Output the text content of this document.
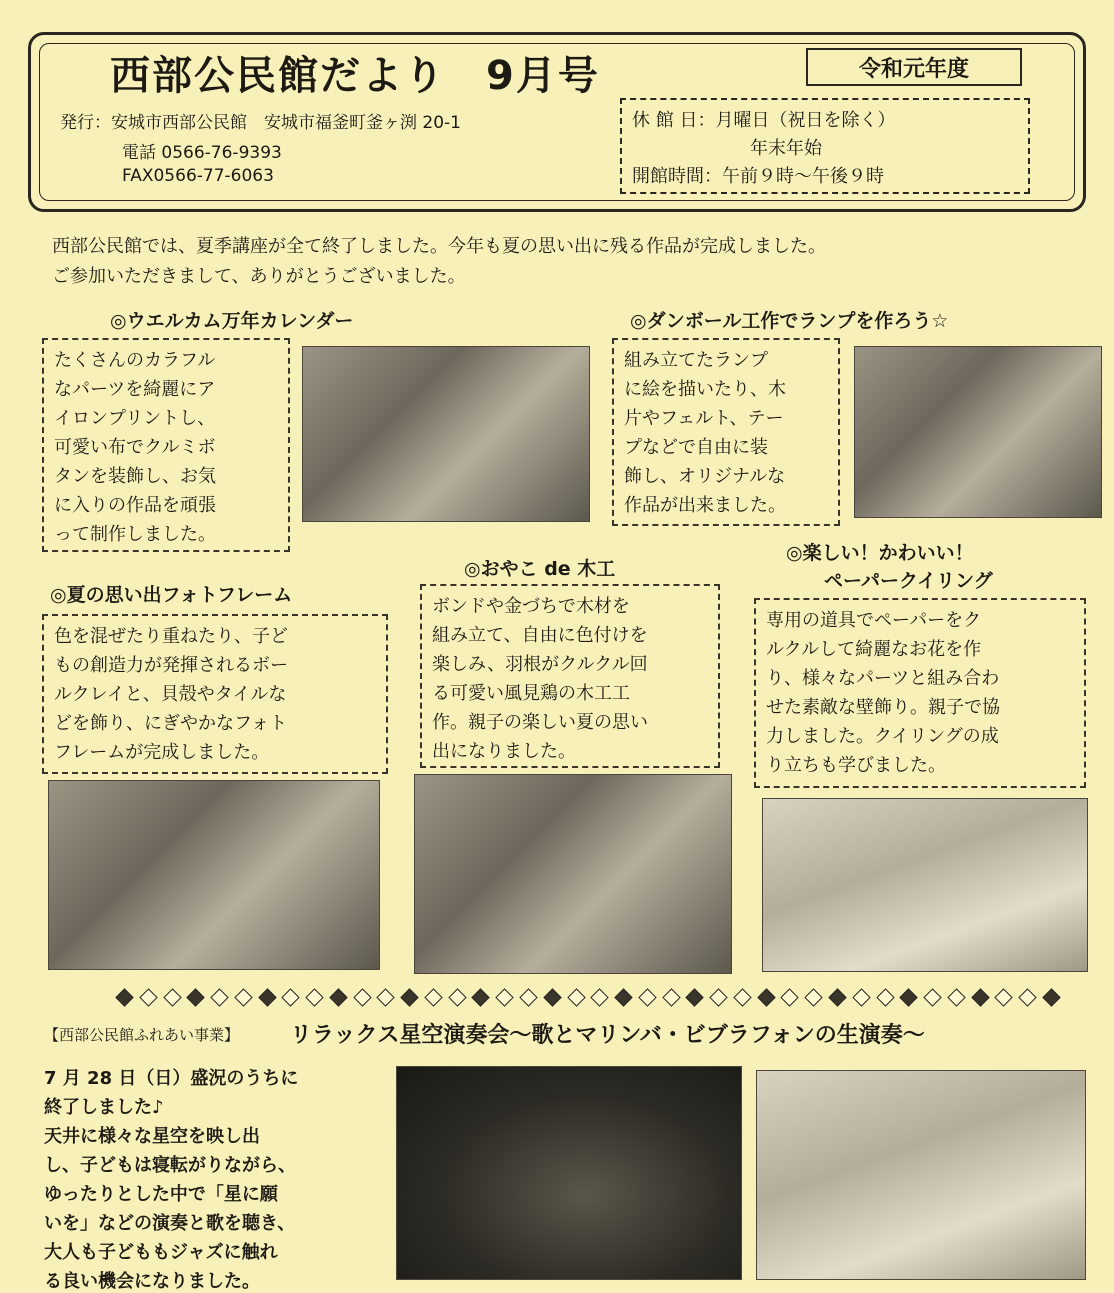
西部公民館だより 9月号	令和元年度
発行：安城市西部公民館　安城市福釜町釜ヶ渕 20-1
電話 0566-76-9393
FAX0566-77-6063
休 館 日：月曜日（祝日を除く）
年末年始
開館時間：午前９時～午後９時
西部公民館では、夏季講座が全て終了しました。今年も夏の思い出に残る作品が完成しました。
ご参加いただきまして、ありがとうございました。
◎ウエルカム万年カレンダー

たくさんのカラフル

なパーツを綺麗にア

イロンプリントし、

可愛い布でクルミボ

タンを装飾し、お気

に入りの作品を頑張

って制作しました。

◎ダンボール工作でランプを作ろう☆

組み立てたランプ

に絵を描いたり、木

片やフェルト、テー

プなどで自由に装

飾し、オリジナルな

作品が出来ました。

◎おやこ de 木工

ボンドや金づちで木材を

組み立て、自由に色付けを

楽しみ、羽根がクルクル回

る可愛い風見鶏の木工工

作。親子の楽しい夏の思い

出になりました。

◎楽しい！かわいい！
ペーパークイリング

専用の道具でペーパーをク

ルクルして綺麗なお花を作

り、様々なパーツと組み合わ

せた素敵な壁飾り。親子で協

力しました。クイリングの成

り立ちも学びました。

◎夏の思い出フォトフレーム

色を混ぜたり重ねたり、子ど

もの創造力が発揮されるボー

ルクレイと、貝殻やタイルな

どを飾り、にぎやかなフォト

フレームが完成しました。

【西部公民館ふれあい事業】 リラックス星空演奏会～歌とマリンバ・ビブラフォンの生演奏～

7 月 28 日（日）盛況のうちに

終了しました♪

天井に様々な星空を映し出

し、子どもは寝転がりながら、

ゆったりとした中で「星に願

いを」などの演奏と歌を聴き、

大人も子どももジャズに触れ

る良い機会になりました。
